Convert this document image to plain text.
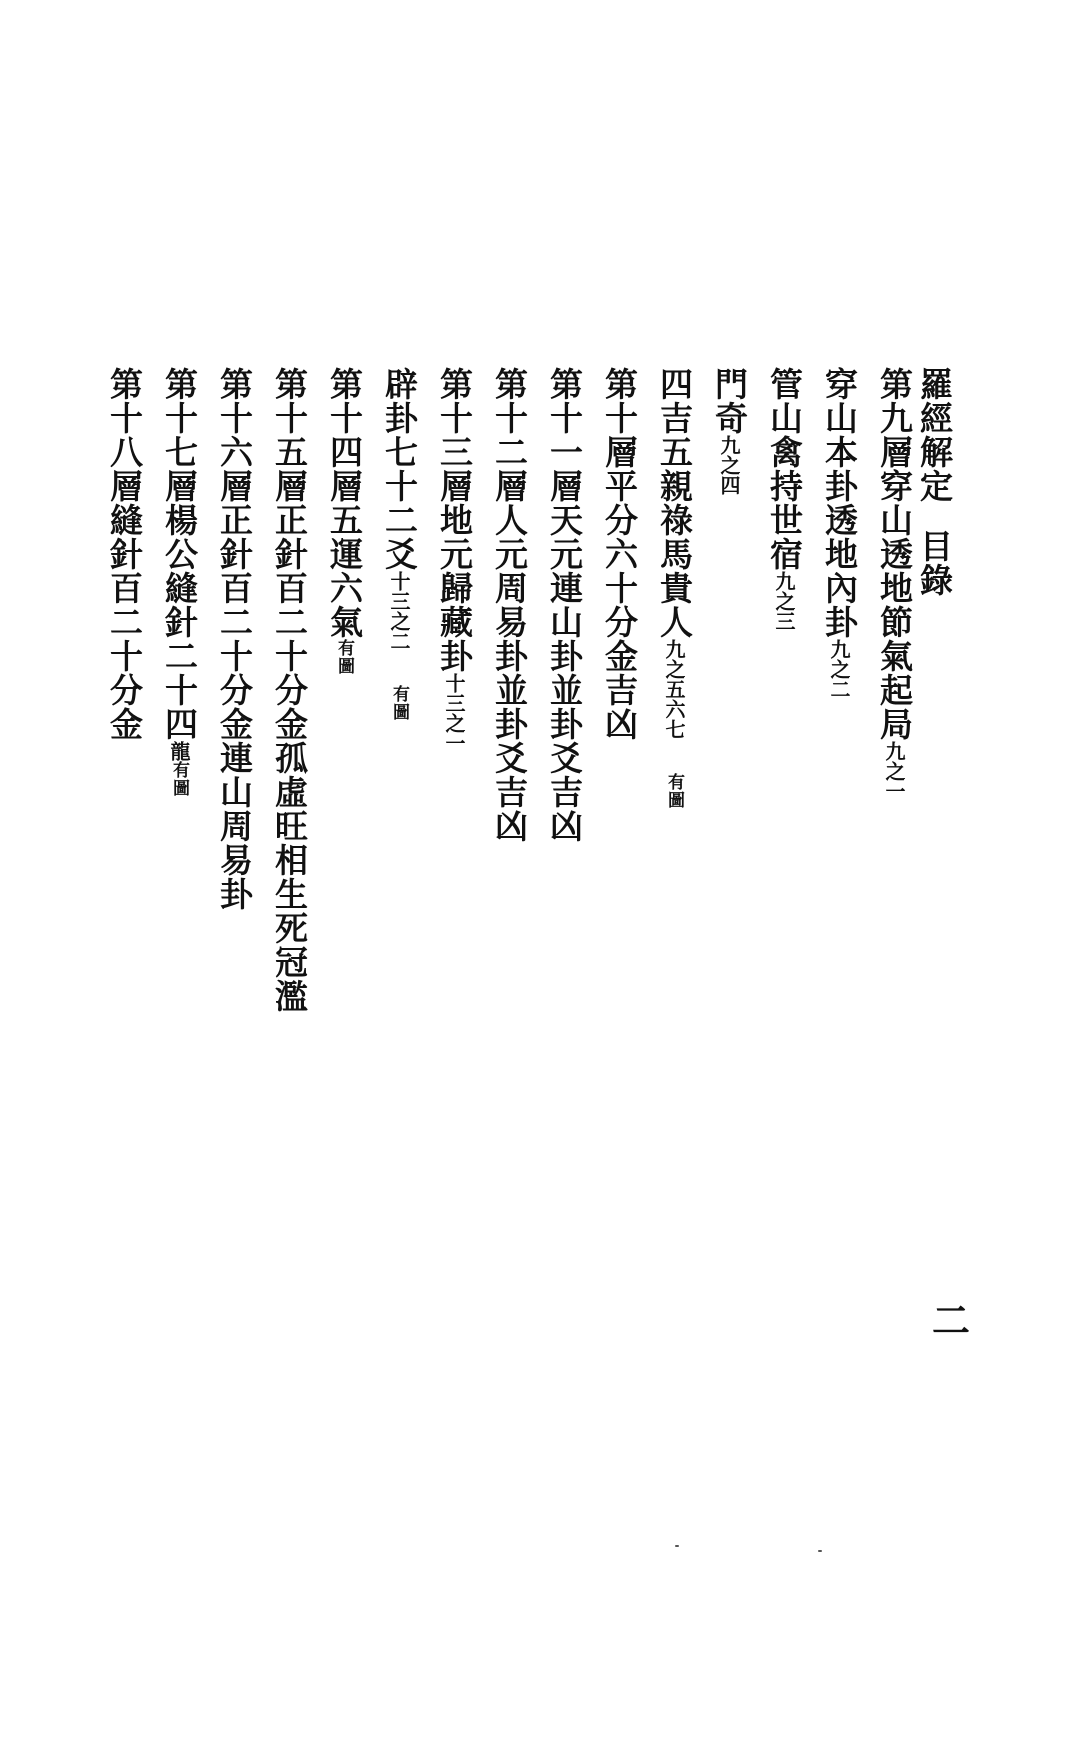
羅經解定目錄
第九層穿山透地節氣起局九之一
穿山本卦透地內卦九之二
管山禽持世宿九之三
門奇九之四
四吉五親祿馬貴人九之五六七有圖
第十層平分六十分金吉凶
第十一層天元連山卦並卦爻吉凶
第十二層人元周易卦並卦爻吉凶
第十三層地元歸藏卦十三之一
辟卦七十二爻十三之二有圖
第十四層五運六氣有圖
第十五層正針百二十分金孤虛旺相生死冠濫
第十六層正針百二十分金連山周易卦
第十七層楊公縫針二十四龍有圖
第十八層縫針百二十分金
二
